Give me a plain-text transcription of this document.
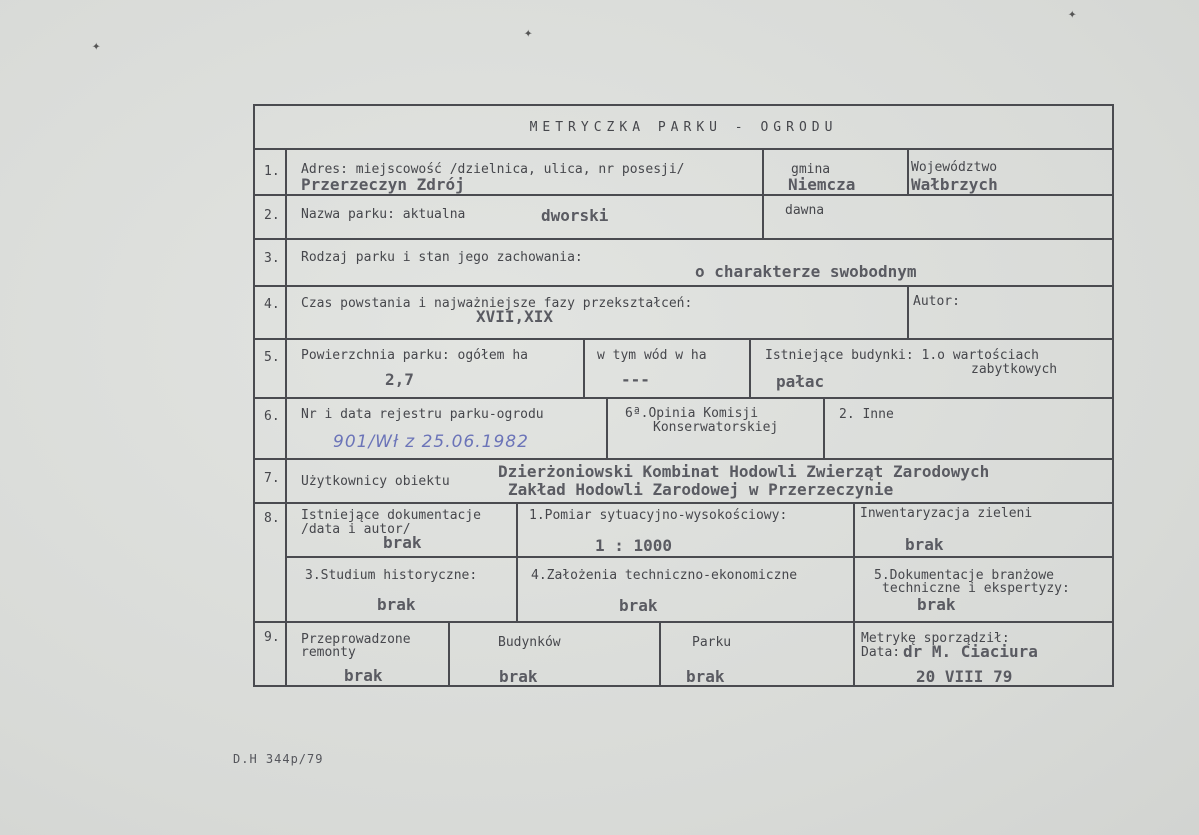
✦
✦
✦
METRYCZKA PARKU - OGRODU
1. Adres: miejscowość /dzielnica, ulica, nr posesji/
Przerzeczyn Zdrój
gmina
Niemcza
Województwo
Wałbrzych
2. Nazwa parku: aktualna	dworski	dawna
3. Rodzaj parku i stan jego zachowania:
o charakterze swobodnym
4. Czas powstania i najważniejsze fazy przekształceń:
XVII,XIX
Autor:
5. Powierzchnia parku: ogółem ha
2,7
w tym wód w ha
---
Istniejące budynki: 1.o wartościach
zabytkowych
pałac
6. Nr i data rejestru parku-ogrodu
901/Wł z 25.06.1982
6ª.Opinia Komisji
Konserwatorskiej
2. Inne
7. Użytkownicy obiektu
Dzierżoniowski Kombinat Hodowli Zwierząt Zarodowych
Zakład Hodowli Zarodowej w Przerzeczynie
8. Istniejące dokumentacje
/data i autor/
brak
1.Pomiar sytuacyjno-wysokościowy:
1 : 1000
Inwentaryzacja zieleni
brak
3.Studium historyczne:
brak
4.Założenia techniczno-ekonomiczne
brak
5.Dokumentacje branżowe
techniczne i ekspertyzy:
brak
9. Przeprowadzone
remonty
brak
Budynków
brak
Parku
brak
Metrykę sporządził:
Data: dr M. Ciaciura
20 VIII 79
D.H 344p/79
